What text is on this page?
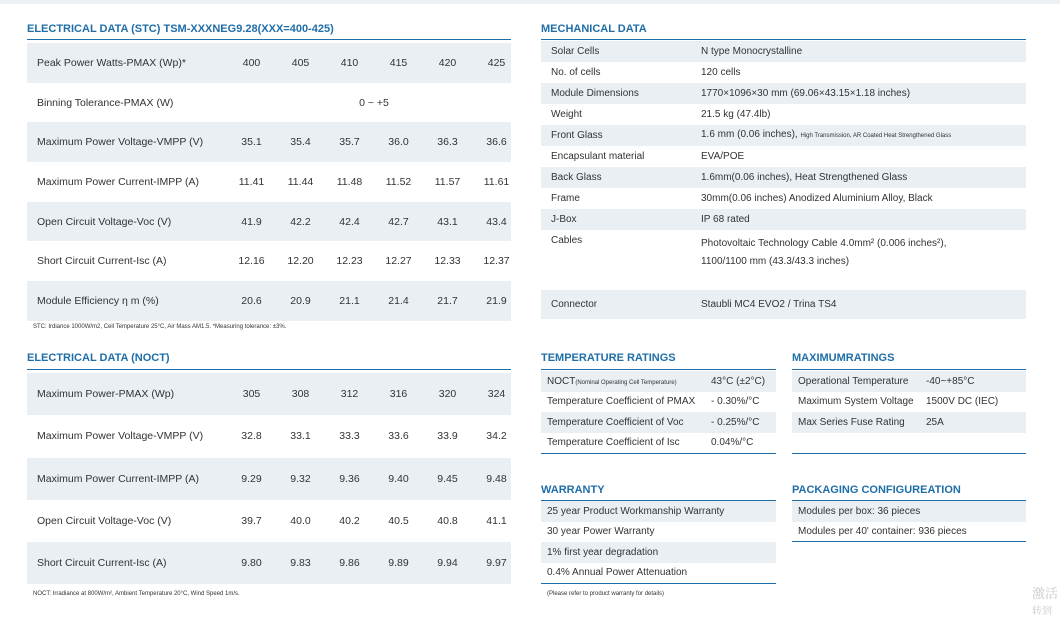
ELECTRICAL DATA (STC) TSM-XXXNEG9.28(XXX=400-425)
Peak Power Watts-PMAX (Wp)*	400	405	410	415	420	425
Binning Tolerance-PMAX (W)	0 ~ +5
Maximum Power Voltage-VMPP (V)	35.1	35.4	35.7	36.0	36.3	36.6
Maximum Power Current-IMPP (A)	11.41	11.44	11.48	11.52	11.57	11.61
Open Circuit Voltage-Voc (V)	41.9	42.2	42.4	42.7	43.1	43.4
Short Circuit Current-Isc (A)	12.16	12.20	12.23	12.27	12.33	12.37
Module Efficiency η m (%)	20.6	20.9	21.1	21.4	21.7	21.9
STC: Irdiance 1000W/m2, Cell Temperature 25°C, Air Mass AM1.5. *Measuring tolerance: ±3%.
ELECTRICAL DATA (NOCT)
Maximum Power-PMAX (Wp)	305	308	312	316	320	324
Maximum Power Voltage-VMPP (V)	32.8	33.1	33.3	33.6	33.9	34.2
Maximum Power Current-IMPP (A)	9.29	9.32	9.36	9.40	9.45	9.48
Open Circuit Voltage-Voc (V)	39.7	40.0	40.2	40.5	40.8	41.1
Short Circuit Current-Isc (A)	9.80	9.83	9.86	9.89	9.94	9.97
NOCT: Irradiance at 800W/m², Ambient Temperature 20°C, Wind Speed 1m/s.
MECHANICAL DATA
Solar Cells	N type Monocrystalline
No. of cells	120 cells
Module Dimensions	1770×1096×30 mm (69.06×43.15×1.18 inches)
Weight	21.5 kg (47.4lb)
Front Glass	1.6 mm (0.06 inches), High Transmission, AR Coated Heat Strengthened Glass
Encapsulant material	EVA/POE
Back Glass	1.6mm(0.06 inches), Heat Strengthened Glass
Frame	30mm(0.06 inches) Anodized Aluminium Alloy, Black
J-Box	IP 68 rated
Cables	Photovoltaic Technology Cable 4.0mm² (0.006 inches²),
1100/1100 mm (43.3/43.3 inches)
Connector	Staubli MC4 EVO2 / Trina TS4
TEMPERATURE RATINGS
NOCT(Nominal Operating Cell Temperature)	43°C (±2°C)
Temperature Coefficient of PMAX	- 0.30%/°C
Temperature Coefficient of Voc	- 0.25%/°C
Temperature Coefficient of Isc	0.04%/°C
MAXIMUMRATINGS
Operational Temperature	-40~+85°C
Maximum System Voltage	1500V DC (IEC)
Max Series Fuse Rating	25A
WARRANTY
25 year Product Workmanship Warranty
30 year Power Warranty
1% first year degradation
0.4% Annual Power Attenuation
(Please refer to product warranty for details)
PACKAGING CONFIGUREATION
Modules per box: 36 pieces
Modules per 40' container: 936 pieces
激活
转到
